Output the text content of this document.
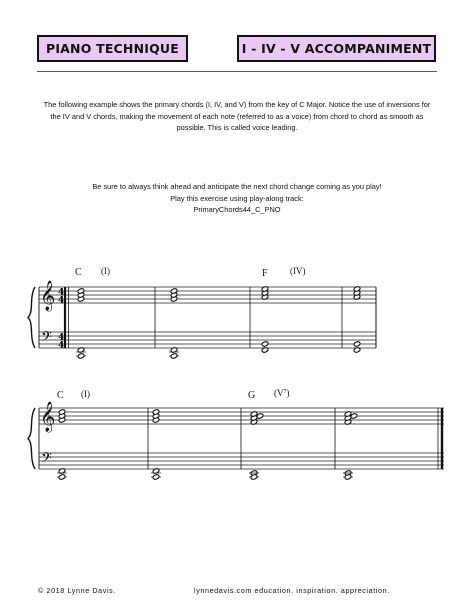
PIANO TECHNIQUE	I - IV - V ACCOMPANIMENT
The following example shows the primary chords (I, IV, and V) from the key of C Major. Notice the use of inversions for the IV and V chords, making the movement of each note (referred to as a voice) from chord to chord as smooth as possible. This is called voice leading.
Be sure to always think ahead and anticipate the next chord change coming as you play!
Play this exercise using play-along track:
PrimaryChords44_C_PNO
C (I)	F (IV)
C (I)	G $(V^7)$
𝄞
𝄢
4
4
4
4
𝄞
𝄢
© 2018 Lynne Davis.	lynnedavis.com education. inspiration. appreciation.
